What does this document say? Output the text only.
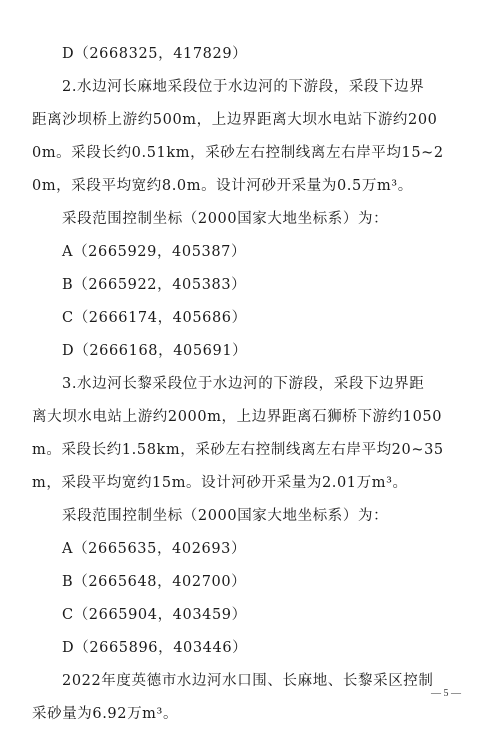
D（2668325，417829）
2.水边河长麻地采段位于水边河的下游段，采段下边界
距离沙坝桥上游约500m，上边界距离大坝水电站下游约200
0m。采段长约0.51km，采砂左右控制线离左右岸平均15~2
0m，采段平均宽约8.0m。设计河砂开采量为0.5万m³。
采段范围控制坐标（2000国家大地坐标系）为：
A（2665929，405387）
B（2665922，405383）
C（2666174，405686）
D（2666168，405691）
3.水边河长黎采段位于水边河的下游段，采段下边界距
离大坝水电站上游约2000m，上边界距离石狮桥下游约1050
m。采段长约1.58km，采砂左右控制线离左右岸平均20~35
m，采段平均宽约15m。设计河砂开采量为2.01万m³。
采段范围控制坐标（2000国家大地坐标系）为：
A（2665635，402693）
B（2665648，402700）
C（2665904，403459）
D（2665896，403446）
2022年度英德市水边河水口围、长麻地、长黎采区控制
采砂量为6.92万m³。
— 5 —
